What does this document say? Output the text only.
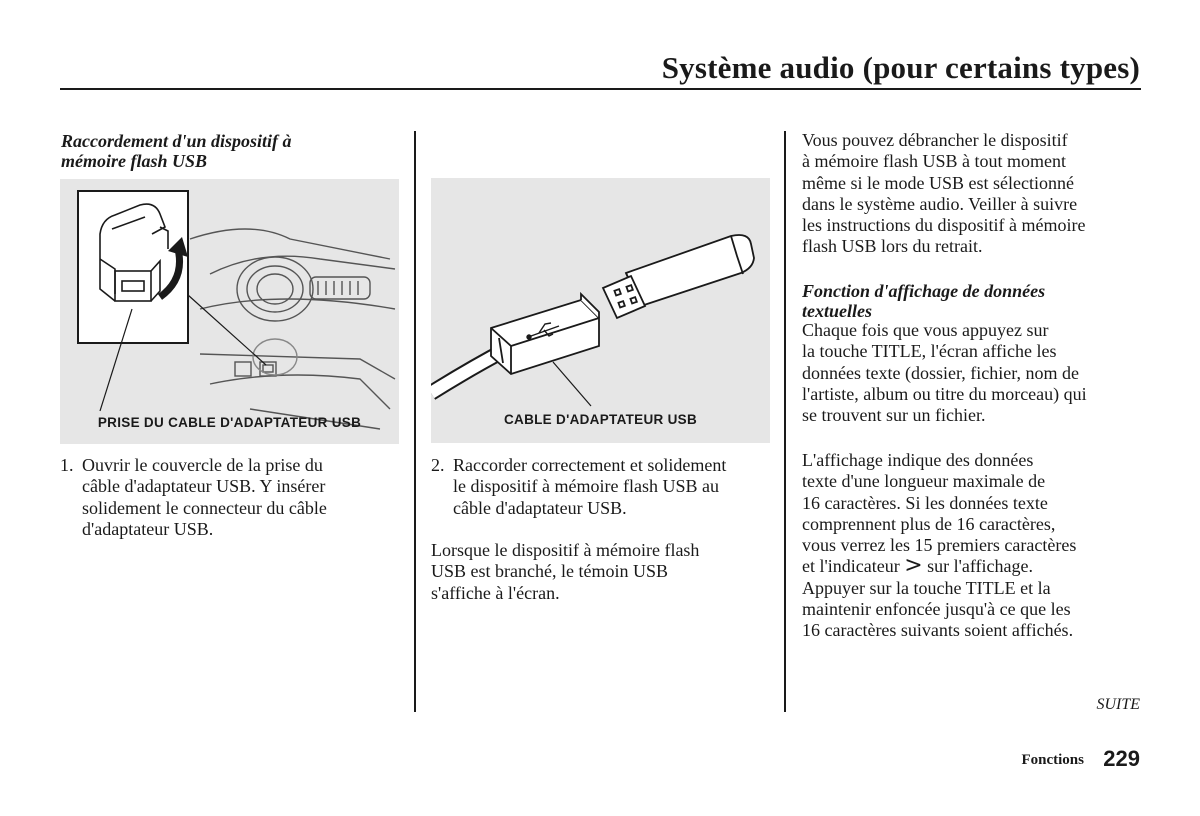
Système audio (pour certains types)
Raccordement d'un dispositif à
mémoire flash USB
PRISE DU CABLE D'ADAPTATEUR USB
1. Ouvrir le couvercle de la prise du
câble d'adaptateur USB. Y insérer
solidement le connecteur du câble
d'adaptateur USB.
CABLE D'ADAPTATEUR USB
2. Raccorder correctement et solidement
le dispositif à mémoire flash USB au
câble d'adaptateur USB.
Lorsque le dispositif à mémoire flash
USB est branché, le témoin USB
s'affiche à l'écran.
Vous pouvez débrancher le dispositif
à mémoire flash USB à tout moment
même si le mode USB est sélectionné
dans le système audio. Veiller à suivre
les instructions du dispositif à mémoire
flash USB lors du retrait.
Fonction d'affichage de données
textuelles
Chaque fois que vous appuyez sur
la touche TITLE, l'écran affiche les
données texte (dossier, fichier, nom de
l'artiste, album ou titre du morceau) qui
se trouvent sur un fichier.
L'affichage indique des données
texte d'une longueur maximale de
16 caractères. Si les données texte
comprennent plus de 16 caractères,
vous verrez les 15 premiers caractères
et l'indicateur > sur l'affichage.
Appuyer sur la touche TITLE et la
maintenir enfoncée jusqu'à ce que les
16 caractères suivants soient affichés.
SUITE
Fonctions 229
